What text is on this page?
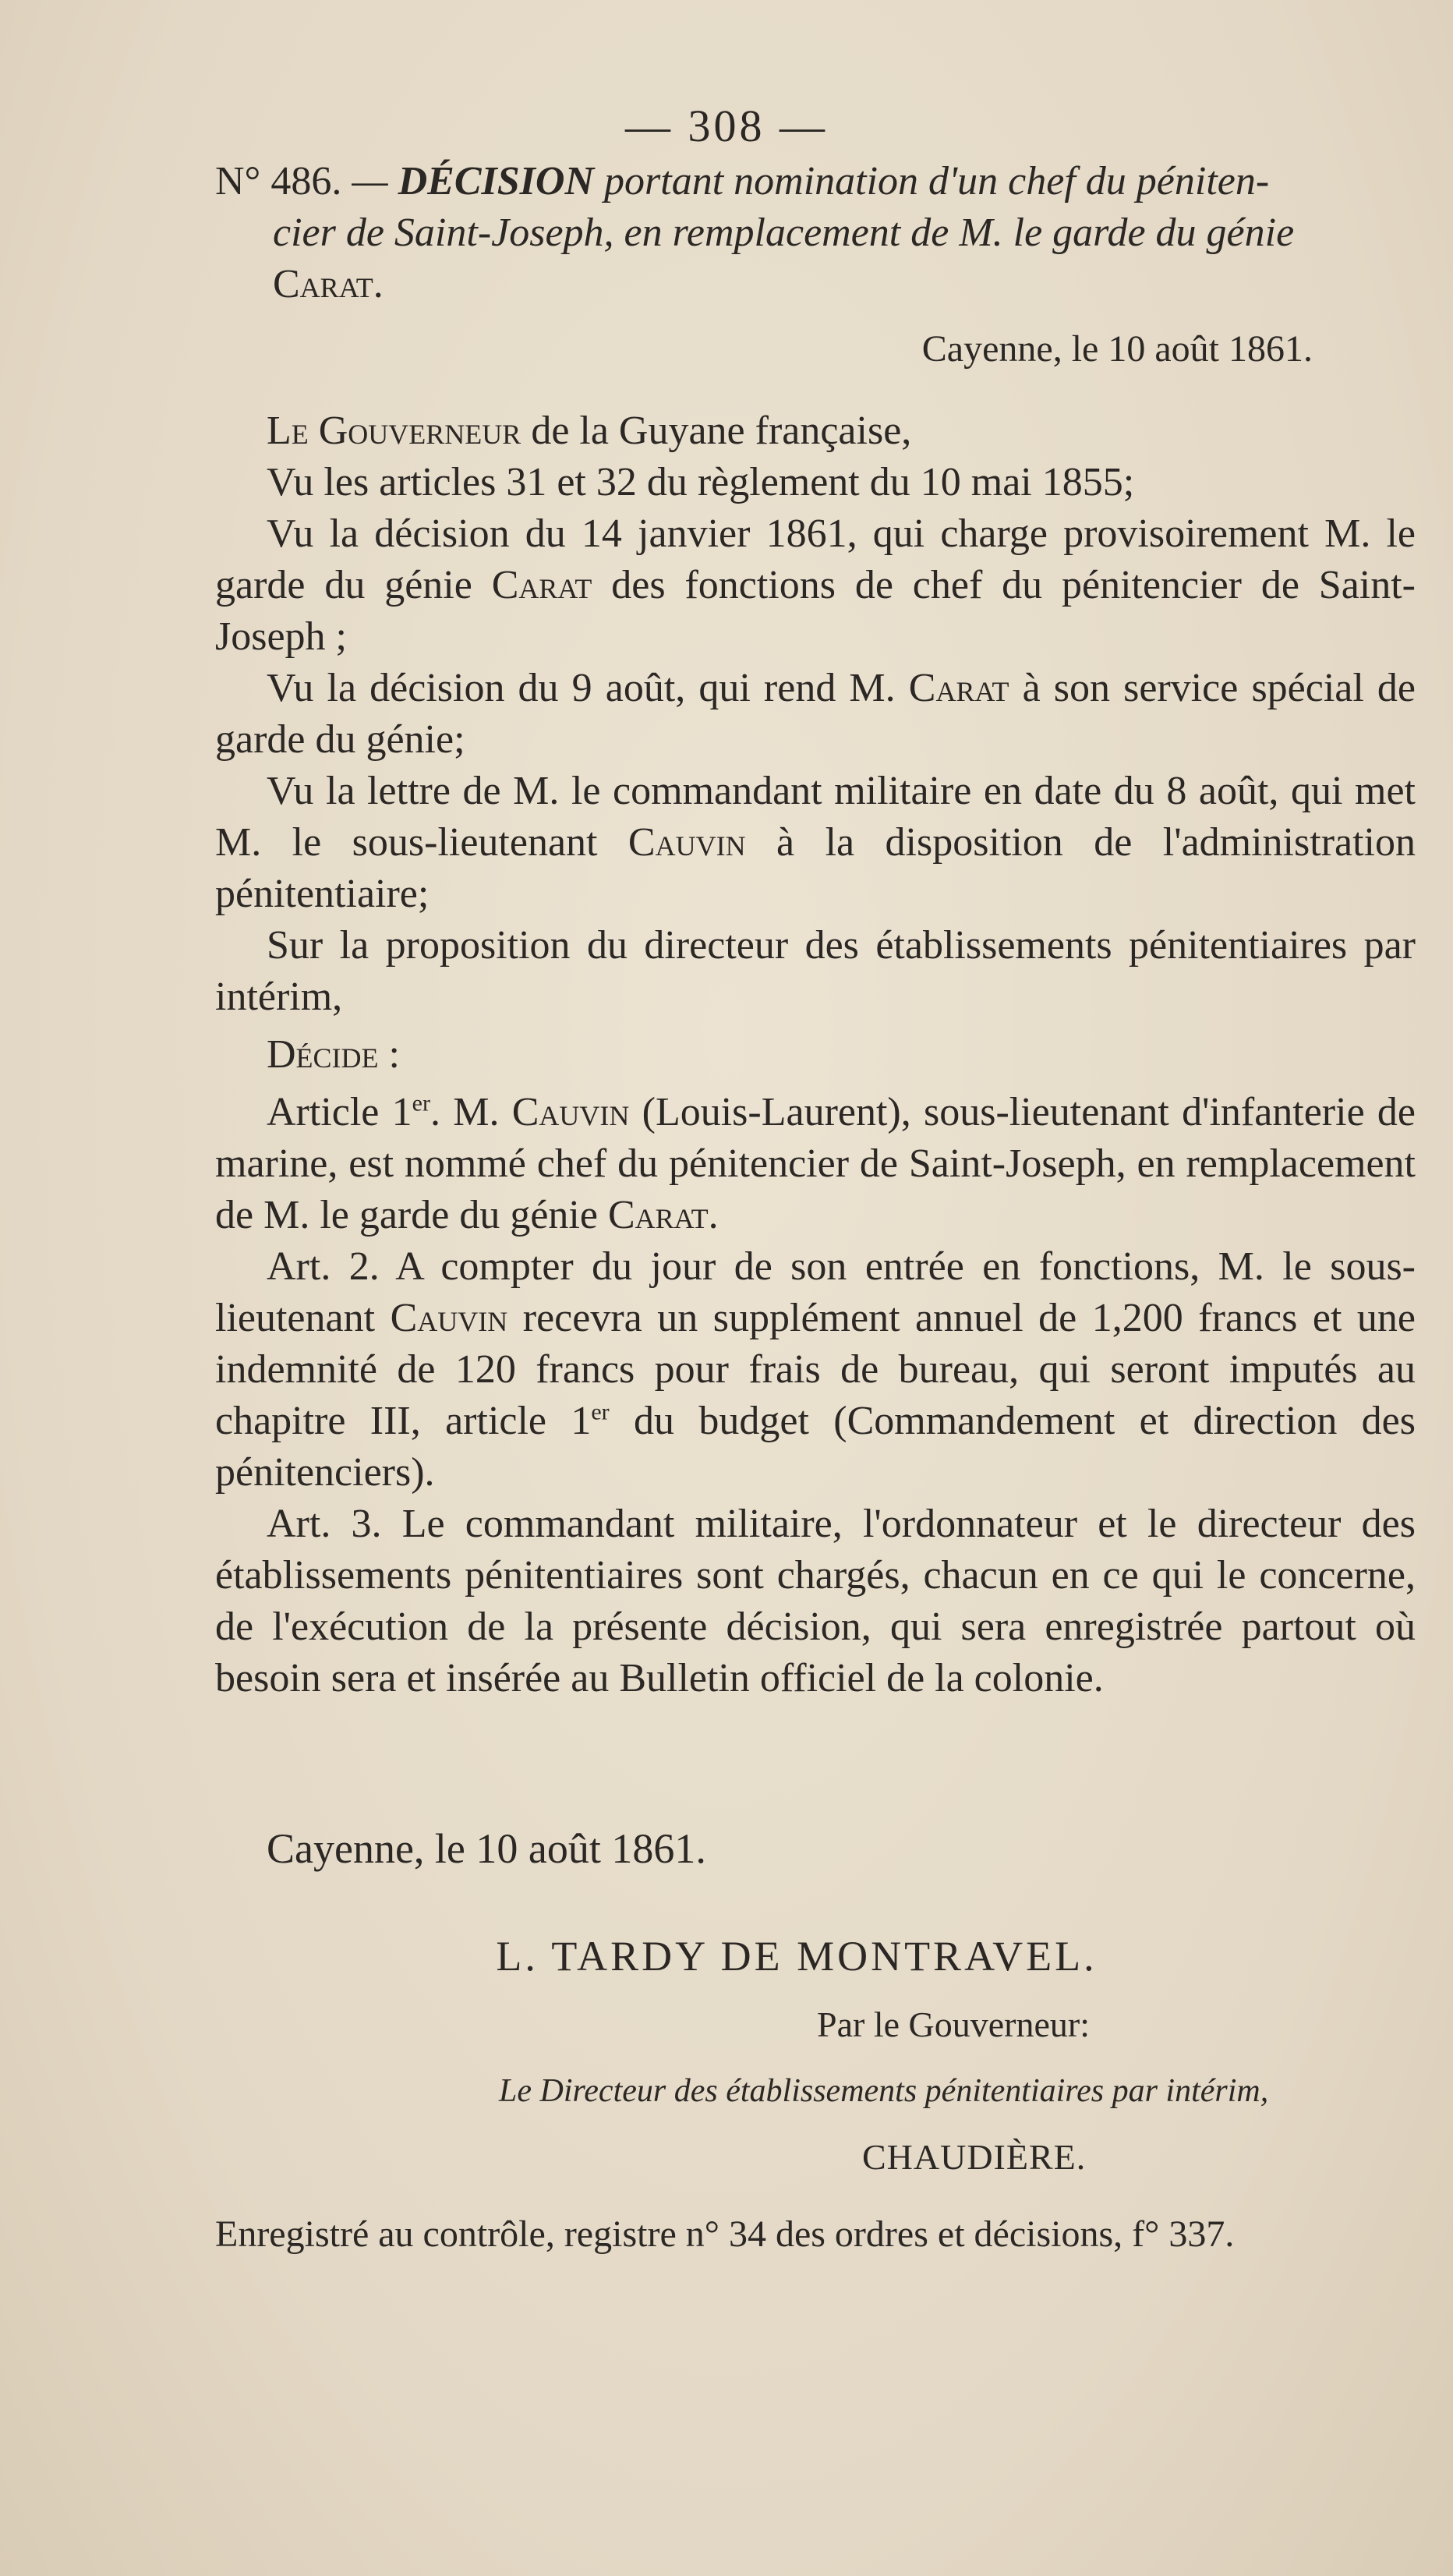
— 308 —
N° 486. — DÉCISION portant nomination d'un chef du péniten-
cier de Saint-Joseph, en remplacement de M. le garde du génie
Carat.
Cayenne, le 10 août 1861.

Le Gouverneur de la Guyane française,

Vu les articles 31 et 32 du règlement du 10 mai 1855;

Vu la décision du 14 janvier 1861, qui charge provisoirement M. le garde du génie Carat des fonctions de chef du pénitencier de Saint-Joseph ;

Vu la décision du 9 août, qui rend M. Carat à son service spécial de garde du génie;

Vu la lettre de M. le commandant militaire en date du 8 août, qui met M. le sous-lieutenant Cauvin à la disposition de l'administration pénitentiaire;

Sur la proposition du directeur des établissements pénitentiaires par intérim,

Décide :

Article 1er. M. Cauvin (Louis-Laurent), sous-lieutenant d'infanterie de marine, est nommé chef du pénitencier de Saint-Joseph, en remplacement de M. le garde du génie Carat.

Art. 2. A compter du jour de son entrée en fonctions, M. le sous-lieutenant Cauvin recevra un supplément annuel de 1,200 francs et une indemnité de 120 francs pour frais de bureau, qui seront imputés au chapitre III, article 1er du budget (Commandement et direction des pénitenciers).

Art. 3. Le commandant militaire, l'ordonnateur et le directeur des établissements pénitentiaires sont chargés, chacun en ce qui le concerne, de l'exécution de la présente décision, qui sera enregistrée partout où besoin sera et insérée au Bulletin officiel de la colonie.

Cayenne, le 10 août 1861.
L. TARDY DE MONTRAVEL.
Par le Gouverneur:
Le Directeur des établissements pénitentiaires par intérim,
CHAUDIÈRE.
Enregistré au contrôle, registre n° 34 des ordres et décisions, f° 337.
